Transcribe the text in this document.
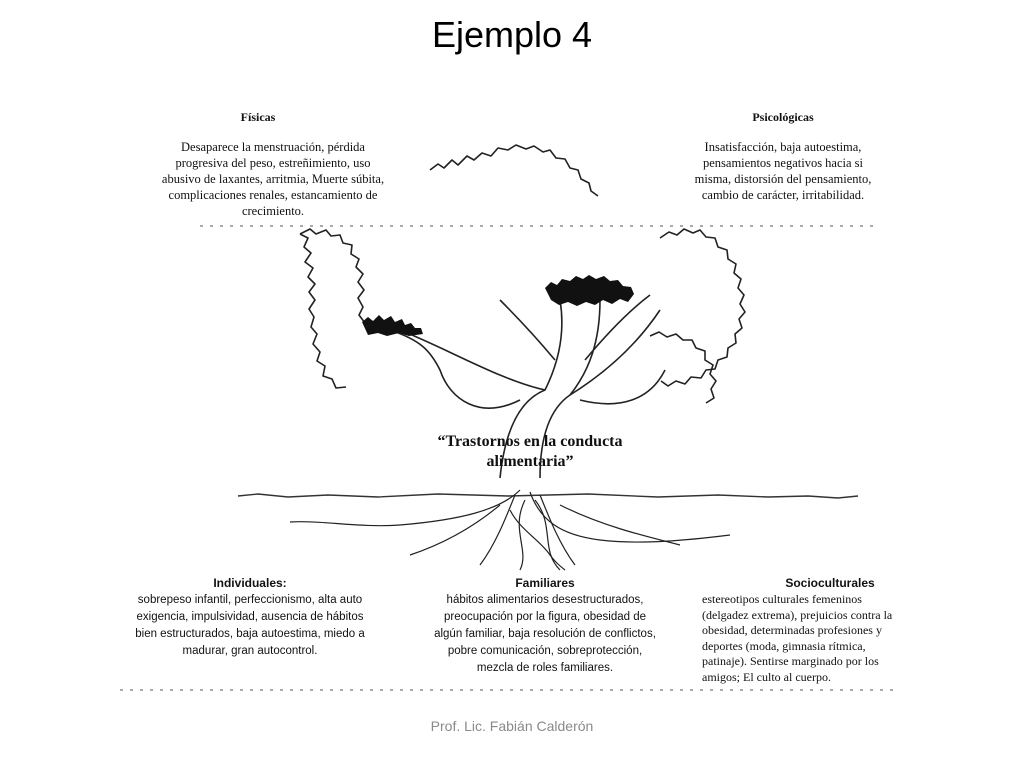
Ejemplo 4
Físicas
Desaparece la menstruación, pérdida
progresiva del peso, estreñimiento, uso
abusivo de laxantes, arritmia, Muerte súbita,
complicaciones renales, estancamiento de
crecimiento.
Psicológicas
Insatisfacción, baja autoestima,
pensamientos negativos hacia si
misma, distorsión del pensamiento,
cambio de carácter, irritabilidad.
“Trastornos en la conducta
alimentaria”
Individuales:
sobrepeso infantil, perfeccionismo, alta auto
exigencia, impulsividad, ausencia de hábitos
bien estructurados, baja autoestima, miedo a
madurar, gran autocontrol.
Familiares
hábitos alimentarios desestructurados,
preocupación por la figura, obesidad de
algún familiar, baja resolución de conflictos,
pobre comunicación, sobreprotección,
mezcla de roles familiares.
Socioculturales
estereotipos culturales femeninos
(delgadez extrema), prejuicios contra la
obesidad, determinadas profesiones y
deportes (moda, gimnasia rítmica,
patinaje). Sentirse marginado por los
amigos; El culto al cuerpo.
Prof. Lic. Fabián Calderón
